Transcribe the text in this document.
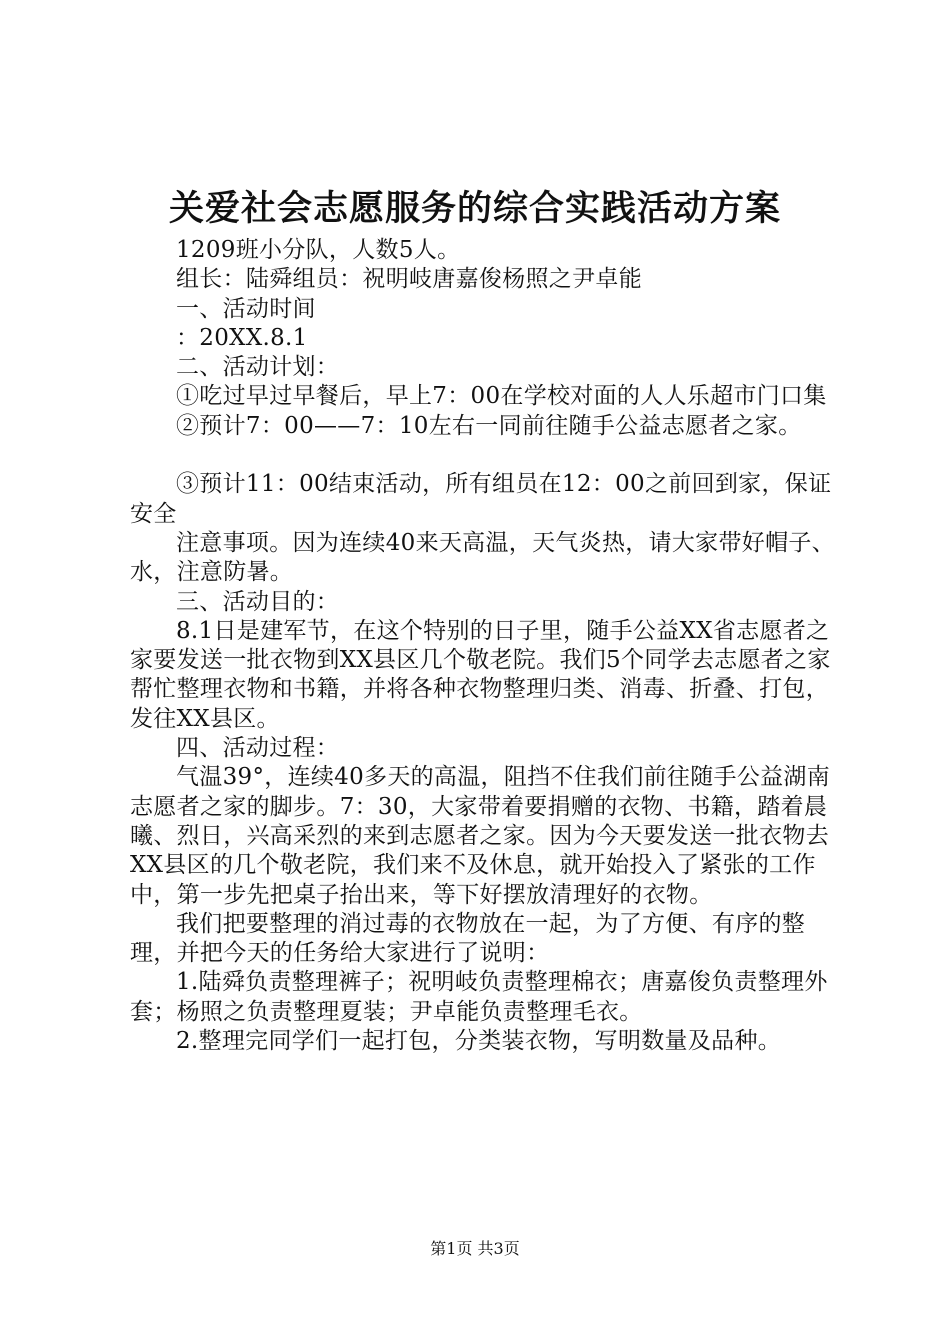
关爱社会志愿服务的综合实践活动方案

1209班小分队，人数5人。

组长：陆舜组员：祝明岐唐嘉俊杨照之尹卓能

一、活动时间

：20XX.8.1

二、活动计划：

①吃过早过早餐后，早上7：00在学校对面的人人乐超市门口集

②预计7：00——7：10左右一同前往随手公益志愿者之家。

③预计11：00结束活动，所有组员在12：00之前回到家，保证安全

注意事项。因为连续40来天高温，天气炎热，请大家带好帽子、水，注意防暑。

三、活动目的：

8.1日是建军节，在这个特别的日子里，随手公益XX省志愿者之家要发送一批衣物到XX县区几个敬老院。我们5个同学去志愿者之家帮忙整理衣物和书籍，并将各种衣物整理归类、消毒、折叠、打包，发往XX县区。

四、活动过程：

气温39°，连续40多天的高温，阻挡不住我们前往随手公益湖南志愿者之家的脚步。7：30，大家带着要捐赠的衣物、书籍，踏着晨曦、烈日，兴高采烈的来到志愿者之家。因为今天要发送一批衣物去XX县区的几个敬老院，我们来不及休息，就开始投入了紧张的工作中，第一步先把桌子抬出来，等下好摆放清理好的衣物。

我们把要整理的消过毒的衣物放在一起，为了方便、有序的整理，并把今天的任务给大家进行了说明：

1.陆舜负责整理裤子；祝明岐负责整理棉衣；唐嘉俊负责整理外套；杨照之负责整理夏装；尹卓能负责整理毛衣。

2.整理完同学们一起打包，分类装衣物，写明数量及品种。

第1页 共3页
